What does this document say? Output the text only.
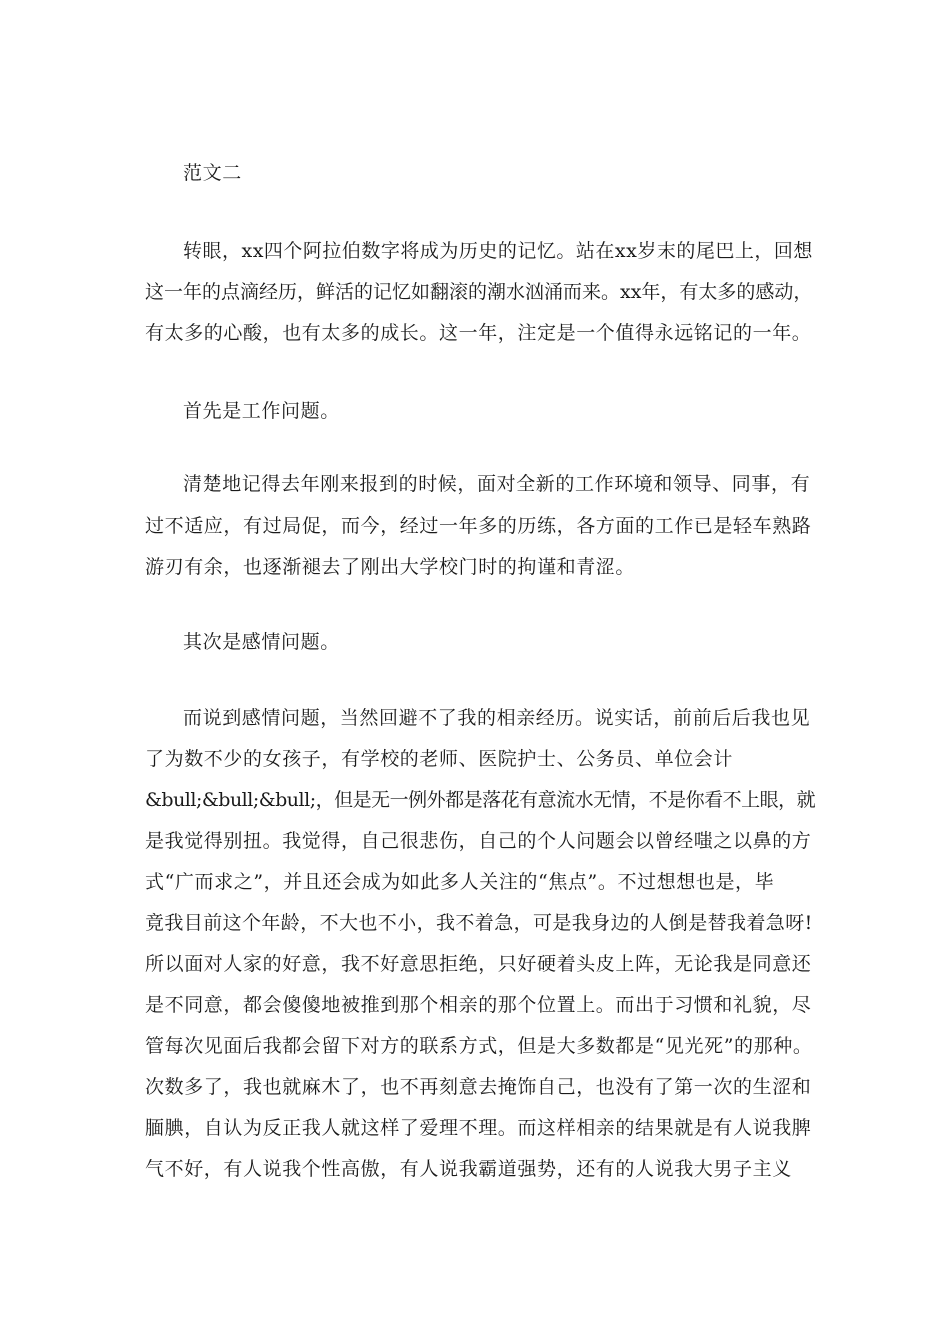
范文二

转眼，xx四个阿拉伯数字将成为历史的记忆。站在xx岁末的尾巴上，回想

这一年的点滴经历，鲜活的记忆如翻滚的潮水汹涌而来。xx年，有太多的感动，

有太多的心酸，也有太多的成长。这一年，注定是一个值得永远铭记的一年。

首先是工作问题。

清楚地记得去年刚来报到的时候，面对全新的工作环境和领导、同事，有

过不适应，有过局促，而今，经过一年多的历练，各方面的工作已是轻车熟路

游刃有余，也逐渐褪去了刚出大学校门时的拘谨和青涩。

其次是感情问题。

而说到感情问题，当然回避不了我的相亲经历。说实话，前前后后我也见

了为数不少的女孩子，有学校的老师、医院护士、公务员、单位会计

&bull;&bull;&bull;，但是无一例外都是落花有意流水无情，不是你看不上眼，就

是我觉得别扭。我觉得，自己很悲伤，自己的个人问题会以曾经嗤之以鼻的方

式“广而求之”，并且还会成为如此多人关注的“焦点”。不过想想也是，毕

竟我目前这个年龄，不大也不小，我不着急，可是我身边的人倒是替我着急呀!

所以面对人家的好意，我不好意思拒绝，只好硬着头皮上阵，无论我是同意还

是不同意，都会傻傻地被推到那个相亲的那个位置上。而出于习惯和礼貌，尽

管每次见面后我都会留下对方的联系方式，但是大多数都是“见光死”的那种。

次数多了，我也就麻木了，也不再刻意去掩饰自己，也没有了第一次的生涩和

腼腆，自认为反正我人就这样了爱理不理。而这样相亲的结果就是有人说我脾

气不好，有人说我个性高傲，有人说我霸道强势，还有的人说我大男子主义
